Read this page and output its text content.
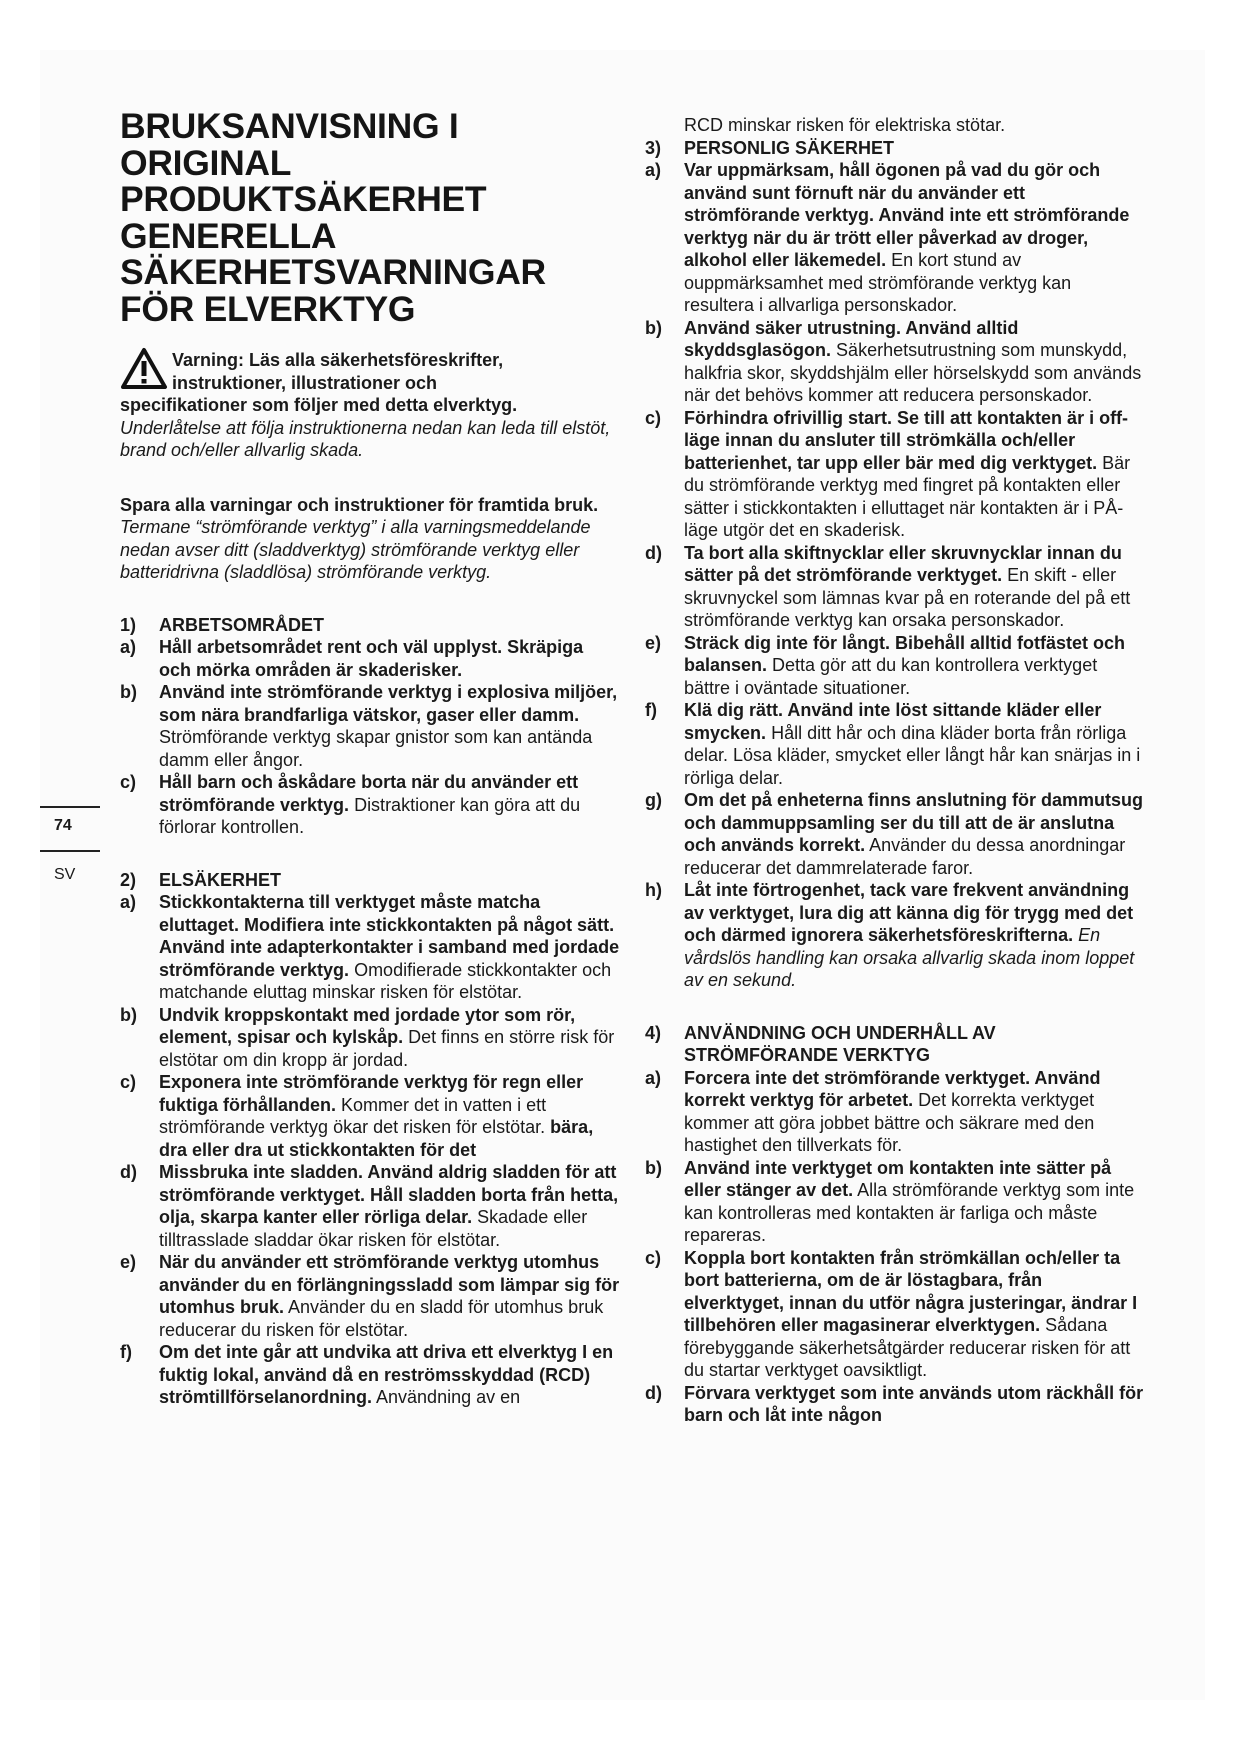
BRUKSANVISNING I
ORIGINAL
PRODUKTSÄKERHET
GENERELLA
SÄKERHETSVARNINGAR
FÖR ELVERKTYG
Varning: Läs alla säkerhetsföreskrifter,
instruktioner, illustrationer och
specifikationer som följer med detta elverktyg.
Underlåtelse att följa instruktionerna nedan kan leda till elstöt, brand och/eller allvarlig skada.
Spara alla varningar och instruktioner för framtida bruk.
Termane “strömförande verktyg” i alla varningsmeddelande nedan avser ditt (sladdverktyg) strömförande verktyg eller batteridrivna (sladdlösa) strömförande verktyg.
1) ARBETSOMRÅDET
a) Håll arbetsområdet rent och väl upplyst. Skräpiga och mörka områden är skaderisker.
b) Använd inte strömförande verktyg i explosiva miljöer, som nära brandfarliga vätskor, gaser eller damm. Strömförande verktyg skapar gnistor som kan antända damm eller ångor.
c) Håll barn och åskådare borta när du använder ett strömförande verktyg. Distraktioner kan göra att du förlorar kontrollen.
2) ELSÄKERHET
a) Stickkontakterna till verktyget måste matcha eluttaget. Modifiera inte stickkontakten på något sätt. Använd inte adapterkontakter i samband med jordade strömförande verktyg. Omodifierade stickkontakter och matchande eluttag minskar risken för elstötar.
b) Undvik kroppskontakt med jordade ytor som rör, element, spisar och kylskåp. Det finns en större risk för elstötar om din kropp är jordad.
c) Exponera inte strömförande verktyg för regn eller fuktiga förhållanden. Kommer det in vatten i ett strömförande verktyg ökar det risken för elstötar. bära, dra eller dra ut stickkontakten för det
d) Missbruka inte sladden. Använd aldrig sladden för att strömförande verktyget. Håll sladden borta från hetta, olja, skarpa kanter eller rörliga delar. Skadade eller tilltrasslade sladdar ökar risken för elstötar.
e) När du använder ett strömförande verktyg utomhus använder du en förlängningssladd som lämpar sig för utomhus bruk. Använder du en sladd för utomhus bruk reducerar du risken för elstötar.
f) Om det inte går att undvika att driva ett elverktyg I en fuktig lokal, använd då en reströmsskyddad (RCD) strömtillförselanordning. Användning av en
RCD minskar risken för elektriska stötar.
3) PERSONLIG SÄKERHET
a) Var uppmärksam, håll ögonen på vad du gör och använd sunt förnuft när du använder ett strömförande verktyg. Använd inte ett strömförande verktyg när du är trött eller påverkad av droger, alkohol eller läkemedel. En kort stund av ouppmärksamhet med strömförande verktyg kan resultera i allvarliga personskador.
b) Använd säker utrustning. Använd alltid skyddsglasögon. Säkerhetsutrustning som munskydd, halkfria skor, skyddshjälm eller hörselskydd som används när det behövs kommer att reducera personskador.
c) Förhindra ofrivillig start. Se till att kontakten är i off-läge innan du ansluter till strömkälla och/eller batterienhet, tar upp eller bär med dig verktyget. Bär du strömförande verktyg med fingret på kontakten eller sätter i stickkontakten i elluttaget när kontakten är i PÅ-läge utgör det en skaderisk.
d) Ta bort alla skiftnycklar eller skruvnycklar innan du sätter på det strömförande verktyget. En skift - eller skruvnyckel som lämnas kvar på en roterande del på ett strömförande verktyg kan orsaka personskador.
e) Sträck dig inte för långt. Bibehåll alltid fotfästet och balansen. Detta gör att du kan kontrollera verktyget bättre i oväntade situationer.
f) Klä dig rätt. Använd inte löst sittande kläder eller smycken. Håll ditt hår och dina kläder borta från rörliga delar. Lösa kläder, smycket eller långt hår kan snärjas in i rörliga delar.
g) Om det på enheterna finns anslutning för dammutsug och dammuppsamling ser du till att de är anslutna och används korrekt. Använder du dessa anordningar reducerar det dammrelaterade faror.
h) Låt inte förtrogenhet, tack vare frekvent användning av verktyget, lura dig att känna dig för trygg med det och därmed ignorera säkerhetsföreskrifterna. En vårdslös handling kan orsaka allvarlig skada inom loppet av en sekund.
4) ANVÄNDNING OCH UNDERHÅLL AV STRÖMFÖRANDE VERKTYG
a) Forcera inte det strömförande verktyget. Använd korrekt verktyg för arbetet. Det korrekta verktyget kommer att göra jobbet bättre och säkrare med den hastighet den tillverkats för.
b) Använd inte verktyget om kontakten inte sätter på eller stänger av det. Alla strömförande verktyg som inte kan kontrolleras med kontakten är farliga och måste repareras.
c) Koppla bort kontakten från strömkällan och/eller ta bort batterierna, om de är löstagbara, från elverktyget, innan du utför några justeringar, ändrar I tillbehören eller magasinerar elverktygen. Sådana förebyggande säkerhetsåtgärder reducerar risken för att du startar verktyget oavsiktligt.
d) Förvara verktyget som inte används utom räckhåll för barn och låt inte någon
74
SV
